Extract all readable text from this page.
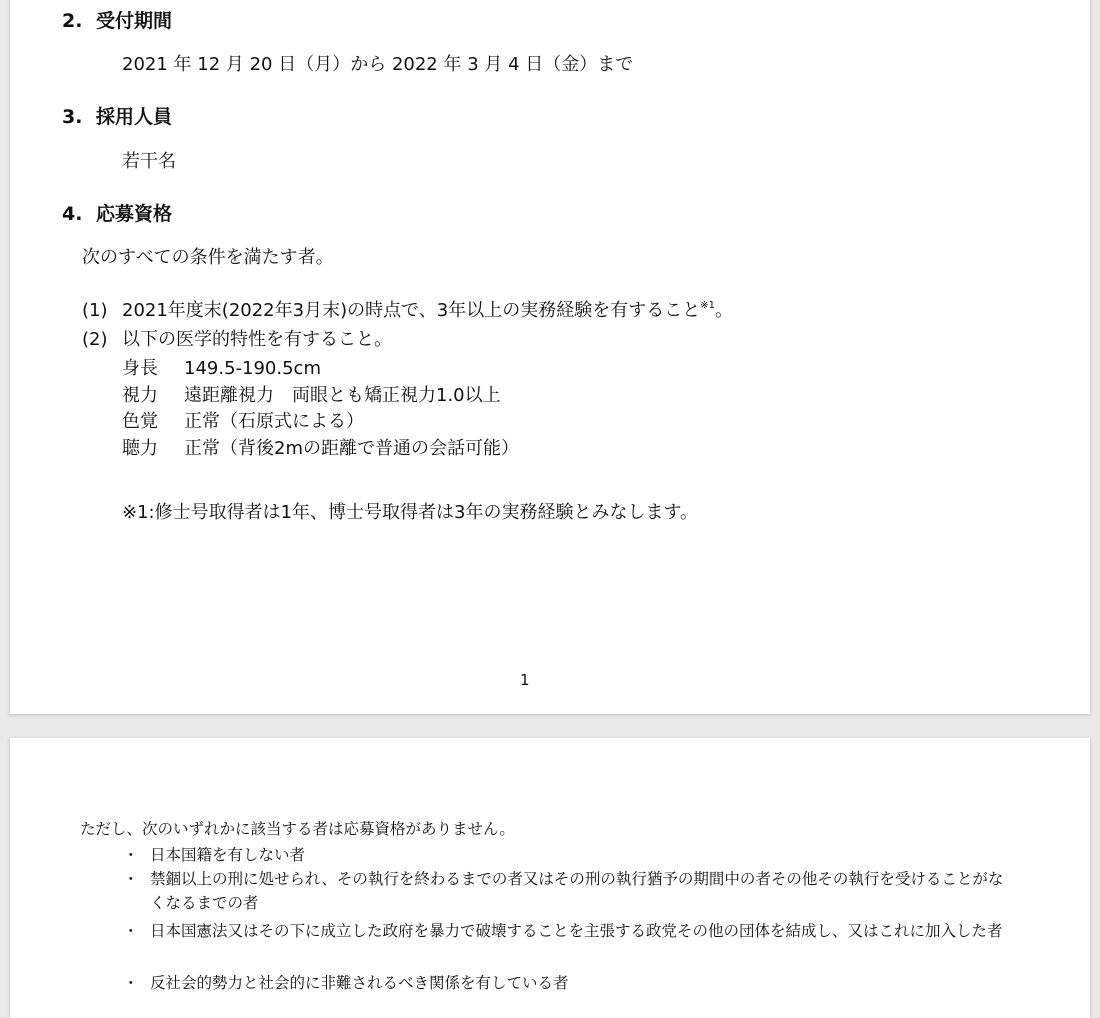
2. 受付期間
2021 年 12 月 20 日（月）から 2022 年 3 月 4 日（金）まで
3. 採用人員
若干名
4. 応募資格
次のすべての条件を満たす者。
(1) 2021年度末(2022年3月末)の時点で、3年以上の実務経験を有すること$^{※1}$。
(2) 以下の医学的特性を有すること。
身長 149.5‐190.5cm
視力 遠距離視力　両眼とも矯正視力1.0以上
色覚 正常（石原式による）
聴力 正常（背後2mの距離で普通の会話可能）
※1:修士号取得者は1年、博士号取得者は3年の実務経験とみなします。
1
ただし、次のいずれかに該当する者は応募資格がありません。
・ 日本国籍を有しない者
・ 禁錮以上の刑に処せられ、その執行を終わるまでの者又はその刑の執行猶予の期間中の者その他その執行を受けることがなくなるまでの者
・ 日本国憲法又はその下に成立した政府を暴力で破壊することを主張する政党その他の団体を結成し、又はこれに加入した者
・ 反社会的勢力と社会的に非難されるべき関係を有している者
